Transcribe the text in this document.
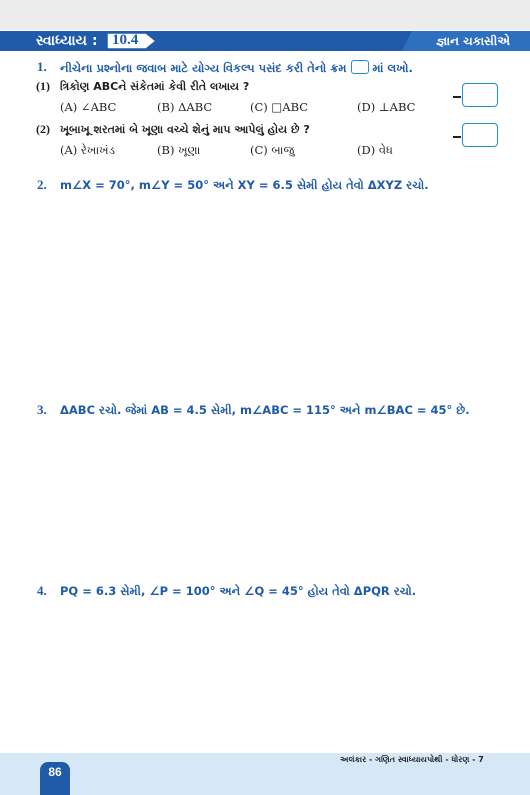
સ્વાધ્યાય : 10.4	જ્ઞાન ચકાસીએ
1. નીચેના પ્રશ્નોના જવાબ માટે યોગ્ય વિકલ્પ પસંદ કરી તેનો ક્રમ માં લખો.
(1) ત્રિકોણ ABCને સંકેતમાં કેવી રીતે લખાય ?
(A) ∠ABC	(B) ΔABC	(C) □ABC	(D) ⊥ABC
(2) ખૂબાખૂ શરતમાં બે ખૂણા વચ્ચે શેનું માપ આપેલું હોય છે ?
(A) રેખાખંડ	(B) ખૂણા	(C) બાજુ	(D) વેધ
2. m∠X = 70°, m∠Y = 50° અને XY = 6.5 સેમી હોય તેવો ΔXYZ રચો.
3. ΔABC રચો. જેમાં AB = 4.5 સેમી, m∠ABC = 115° અને m∠BAC = 45° છે.
4. PQ = 6.3 સેમી, ∠P = 100° અને ∠Q = 45° હોય તેવો ΔPQR રચો.
અલંકાર - ગણિત સ્વાધ્યાયપોથી - ધોરણ - 7
86
